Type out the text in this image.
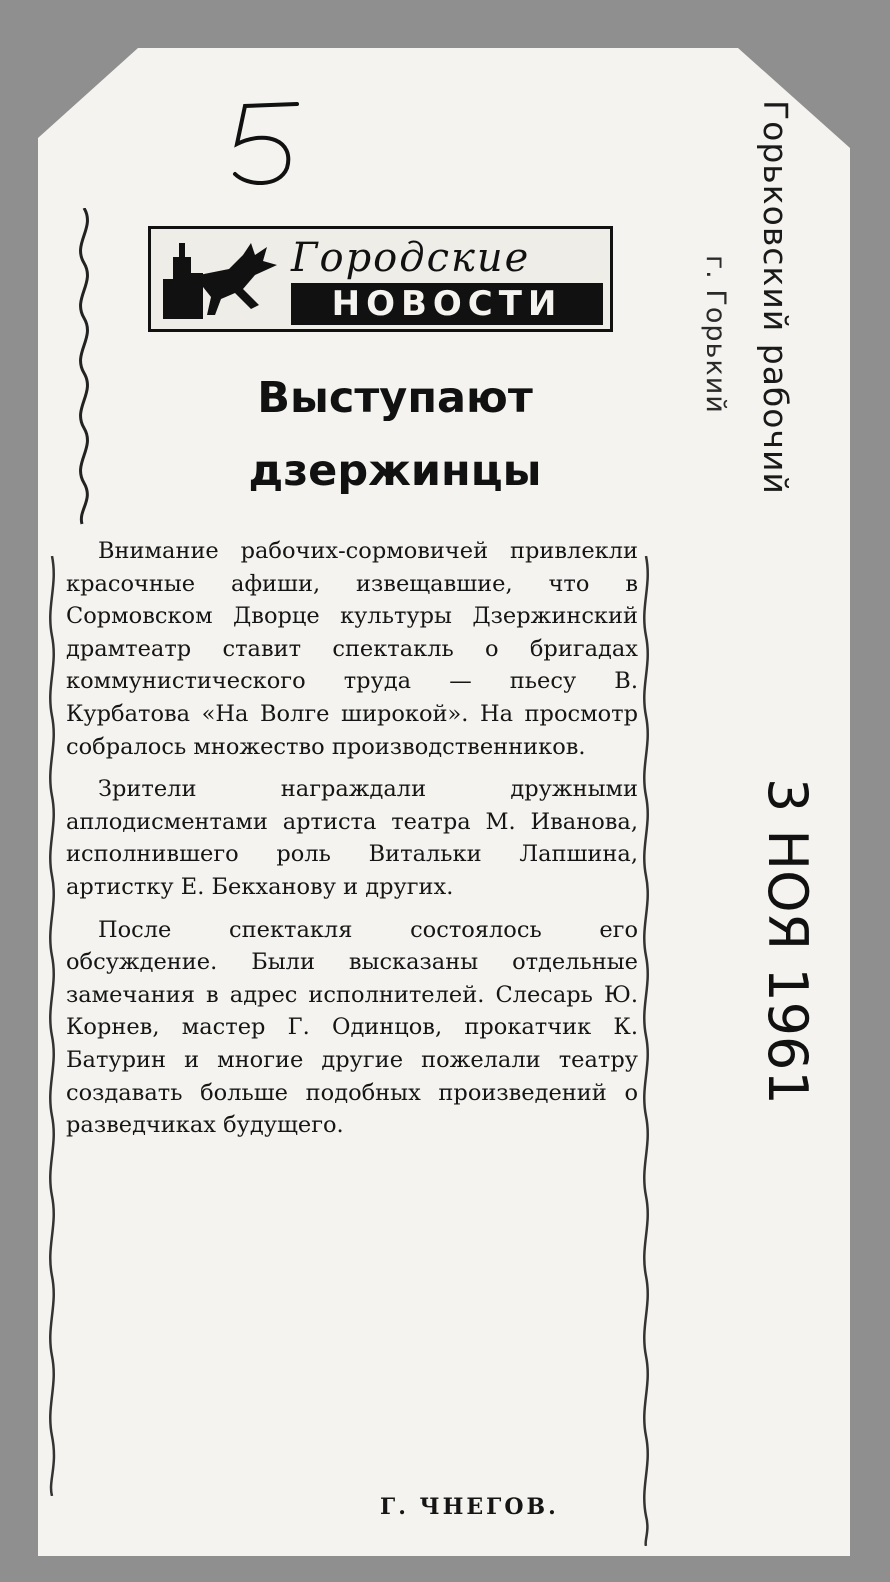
Горьковский рабочий
г. Горький
3 НОЯ 1961
Городские
НОВОСТИ
Выступают дзержинцы

Внимание рабочих-сормовичей привлекли красочные афиши, извещавшие, что в Сормовском Дворце культуры Дзержинский драмтеатр ставит спектакль о бригадах коммунистического труда — пьесу В. Курбатова «На Волге широкой». На просмотр собралось множество производственников.

Зрители награждали дружными аплодисментами артиста театра М. Иванова, исполнившего роль Витальки Лапшина, артистку Е. Бекханову и других.

После спектакля состоялось его обсуждение. Были высказаны отдельные замечания в адрес исполнителей. Слесарь Ю. Корнев, мастер Г. Одинцов, прокатчик К. Батурин и многие другие пожелали театру создавать больше подобных произведений о разведчиках будущего.

Г. ЧНЕГОВ.
